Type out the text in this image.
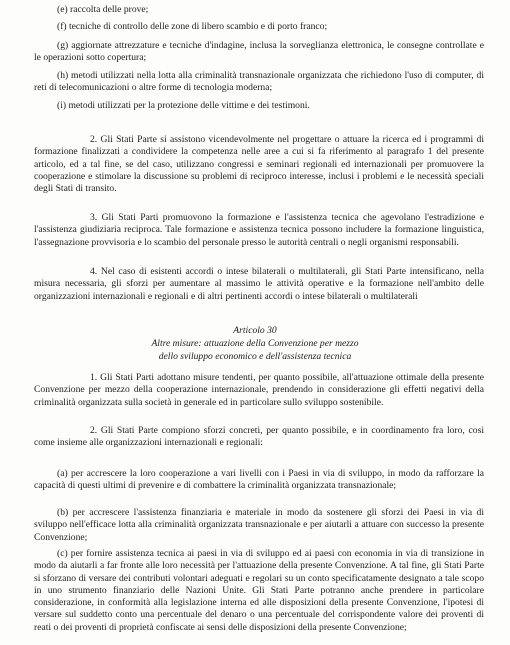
(e) raccolta delle prove;

(f) tecniche di controllo delle zone di libero scambio e di porto franco;

(g) aggiornate attrezzature e tecniche d'indagine, inclusa la sorveglianza elettronica, le consegne controllate e le operazioni sotto copertura;

(h) metodi utilizzati nella lotta alla criminalità transnazionale organizzata che richiedono l'uso di computer, di reti di telecomunicazioni o altre forme di tecnologia moderna;

(i) metodi utilizzati per la protezione delle vittime e dei testimoni.

2. Gli Stati Parte si assistono vicendevolmente nel progettare o attuare la ricerca ed i programmi di formazione finalizzati a condividere la competenza nelle aree a cui si fa riferimento al paragrafo 1 del presente articolo, ed a tal fine, se del caso, utilizzano congressi e seminari regionali ed internazionali per promuovere la cooperazione e stimolare la discussione su problemi di reciproco interesse, inclusi i problemi e le necessità speciali degli Stati di transito.

3. Gli Stati Parti promuovono la formazione e l'assistenza tecnica che agevolano l'estradizione e l'assistenza giudiziaria reciproca. Tale formazione e assistenza tecnica possono includere la formazione linguistica, l'assegnazione provvisoria e lo scambio del personale presso le autorità centrali o negli organismi responsabili.

4. Nel caso di esistenti accordi o intese bilaterali o multilaterali, gli Stati Parte intensificano, nella misura necessaria, gli sforzi per aumentare al massimo le attività operative e la formazione nell'ambito delle organizzazioni internazionali e regionali e di altri pertinenti accordi o intese bilaterali o multilaterali

Articolo 30
Altre misure: attuazione della Convenzione per mezzo
dello sviluppo economico e dell'assistenza tecnica

1. Gli Stati Parti adottano misure tendenti, per quanto possibile, all'attuazione ottimale della presente Convenzione per mezzo della cooperazione internazionale, prendendo in considerazione gli effetti negativi della criminalità organizzata sulla società in generale ed in particolare sullo sviluppo sostenibile.

2. Gli Stati Parte compiono sforzi concreti, per quanto possibile, e in coordinamento fra loro, così come insieme alle organizzazioni internazionali e regionali:

(a) per accrescere la loro cooperazione a vari livelli con i Paesi in via di sviluppo, in modo da rafforzare la capacità di questi ultimi di prevenire e di combattere la criminalità organizzata transnazionale;

(b) per accrescere l'assistenza finanziaria e materiale in modo da sostenere gli sforzi dei Paesi in via di sviluppo nell'efficace lotta alla criminalità organizzata transnazionale e per aiutarli a attuare con successo la presente Convenzione;

(c) per fornire assistenza tecnica ai paesi in via di sviluppo ed ai paesi con economia in via di transizione in modo da aiutarli a far fronte alle loro necessità per l'attuazione della presente Convenzione. A tal fine, gli Stati Parte si sforzano di versare dei contributi volontari adeguati e regolari su un conto specificatamente designato a tale scopo in uno strumento finanziario delle Nazioni Unite. Gli Stati Parte potranno anche prendere in particolare considerazione, in conformità alla legislazione interna ed alle disposizioni della presente Convenzione, l'ipotesi di versare sul suddetto conto una percentuale del denaro o una percentuale del corrispondente valore dei proventi di reati o dei proventi di proprietà confiscate ai sensi delle disposizioni della presente Convenzione;
